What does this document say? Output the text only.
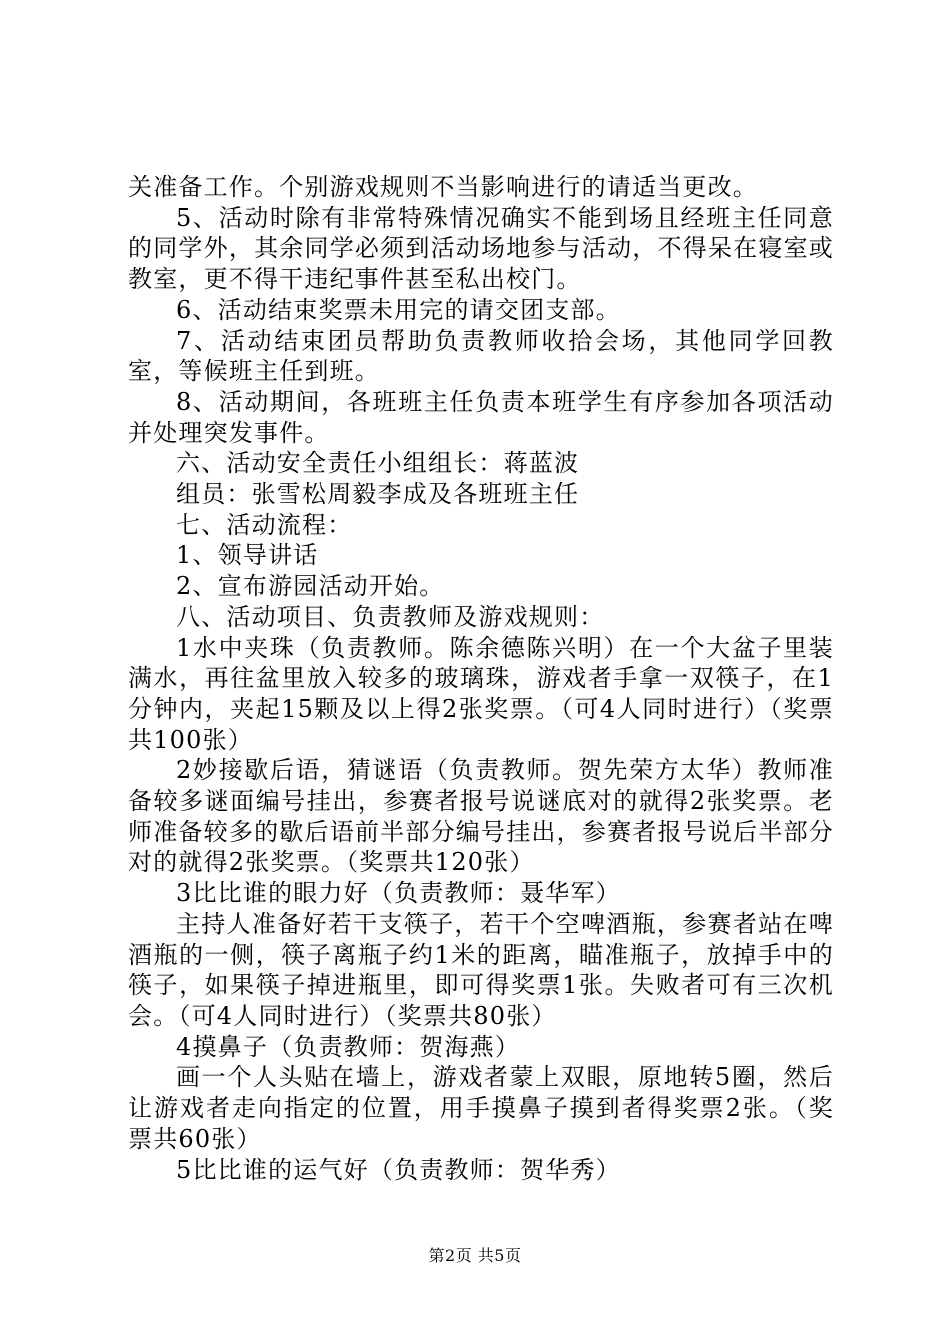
关准备工作。个别游戏规则不当影响进行的请适当更改。

5、活动时除有非常特殊情况确实不能到场且经班主任同意的同学外，其余同学必须到活动场地参与活动，不得呆在寝室或教室，更不得干违纪事件甚至私出校门。

6、活动结束奖票未用完的请交团支部。

7、活动结束团员帮助负责教师收拾会场，其他同学回教室，等候班主任到班。

8、活动期间，各班班主任负责本班学生有序参加各项活动并处理突发事件。

六、活动安全责任小组组长：蒋蓝波

组员：张雪松周毅李成及各班班主任

七、活动流程：

1、领导讲话

2、宣布游园活动开始。

八、活动项目、负责教师及游戏规则：

1水中夹珠（负责教师。陈余德陈兴明）在一个大盆子里装满水，再往盆里放入较多的玻璃珠，游戏者手拿一双筷子，在1分钟内，夹起15颗及以上得2张奖票。（可4人同时进行）（奖票共100张）

2妙接歇后语，猜谜语（负责教师。贺先荣方太华）教师准备较多谜面编号挂出，参赛者报号说谜底对的就得2张奖票。老师准备较多的歇后语前半部分编号挂出，参赛者报号说后半部分对的就得2张奖票。（奖票共120张）

3比比谁的眼力好（负责教师：聂华军）

主持人准备好若干支筷子，若干个空啤酒瓶，参赛者站在啤酒瓶的一侧，筷子离瓶子约1米的距离，瞄准瓶子，放掉手中的筷子，如果筷子掉进瓶里，即可得奖票1张。失败者可有三次机会。（可4人同时进行）（奖票共80张）

4摸鼻子（负责教师：贺海燕）

画一个人头贴在墙上，游戏者蒙上双眼，原地转5圈，然后让游戏者走向指定的位置，用手摸鼻子摸到者得奖票2张。（奖票共60张）

5比比谁的运气好（负责教师：贺华秀）

第2页 共5页
